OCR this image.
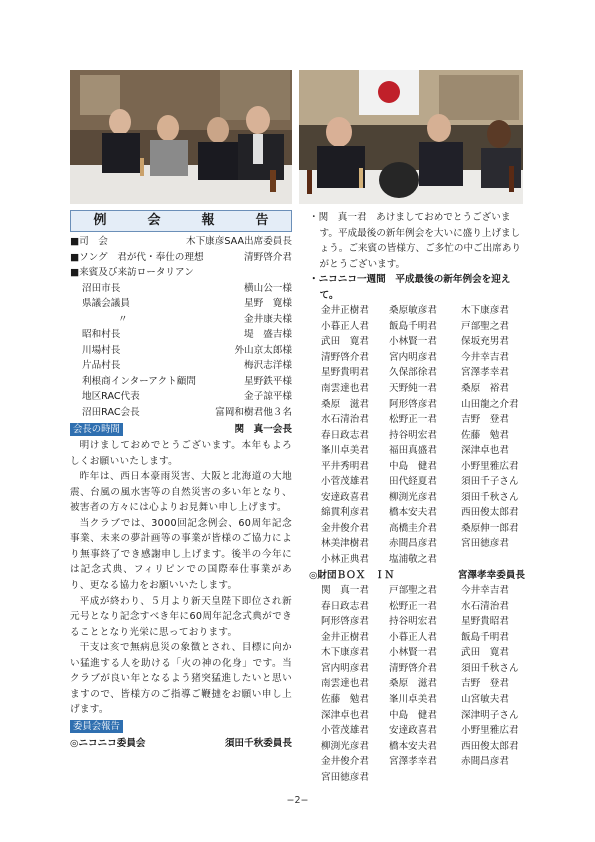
例　会　報　告
■司　会	木下康彦SAA出席委員長
■ソング　君が代・奉仕の理想	清野啓介君
■来賓及び来訪ロータリアン
沼田市長	横山公一様
県議会議員	星野　寛様
〃	金井康夫様
昭和村長	堤　盛吉様
川場村長	外山京太郎様
片品村長	梅沢志洋様
利根商インターアクト顧問	星野鉄平様
地区RAC代表	金子諒平様
沼田RAC会長	富岡和樹君他３名
会長の時間	関　真一会長

明けましておめでとうございます。本年もよろしくお願いいたします。

昨年は、西日本豪雨災害、大阪と北海道の大地震、台風の風水害等の自然災害の多い年となり、被害者の方々には心よりお見舞い申し上げます。

当クラブでは、3000回記念例会、60周年記念事業、未来の夢計画等の事業が皆様のご協力により無事終了でき感謝申し上げます。後半の今年には記念式典、フィリピンでの国際奉仕事業があり、更なる協力をお願いいたします。

平成が終わり、５月より新天皇陛下即位され新元号となり記念すべき年に60周年記念式典ができることとなり光栄に思っております。

干支は亥で無病息災の象徴とされ、目標に向かい猛進する人を助ける「火の神の化身」です。当クラブが良い年となるよう猪突猛進したいと思いますので、皆様方のご指導ご鞭撻をお願い申し上げます。

委員会報告
◎ニコニコ委員会	須田千秋委員長

・関　真一君　あけましておめでとうございます。平成最後の新年例会を大いに盛り上げましょう。ご来賓の皆様方、ご多忙の中ご出席ありがとうございます。

・ニコニコ一週間　平成最後の新年例会を迎えて。

金井正樹君	桑原敏彦君	木下康彦君
小暮正人君	飯島千明君	戸部聖之君
武田　寛君	小林賢一君	保坂充男君
清野啓介君	宮内明彦君	今井幸吉君
星野貴明君	久保部徐君	宮澤孝幸君
南雲達也君	天野純一君	桑原　裕君
桑原　滋君	阿形啓彦君	山田龍之介君
水石清治君	松野正一君	吉野　登君
春日政志君	持谷明宏君	佐藤　勉君
峯川卓美君	福田真盛君	深津卓也君
平井秀明君	中島　健君	小野里雅広君
小菅茂雄君	田代経夏君	須田千子さん
安達政喜君	柳渕光彦君	須田千秋さん
綿貫利彦君	橋本安夫君	西田俊太郎君
金井俊介君	高橋圭介君	桑原伸一郎君
林美津樹君	赤間昌彦君	宮田徳彦君
小林正典君	塩浦敬之君
◎財団ＢＯＸ　ＩＮ	宮澤孝幸委員長
関　真一君	戸部聖之君	今井幸吉君
春日政志君	松野正一君	水石清治君
阿形啓彦君	持谷明宏君	星野貴昭君
金井正樹君	小暮正人君	飯島千明君
木下康彦君	小林賢一君	武田　寛君
宮内明彦君	清野啓介君	須田千秋さん
南雲達也君	桑原　滋君	吉野　登君
佐藤　勉君	峯川卓美君	山宮敏夫君
深津卓也君	中島　健君	深津明子さん
小菅茂雄君	安達政喜君	小野里雅広君
柳渕光彦君	橋本安夫君	西田俊太郎君
金井俊介君	宮澤孝幸君	赤間昌彦君
宮田徳彦君
−2−
